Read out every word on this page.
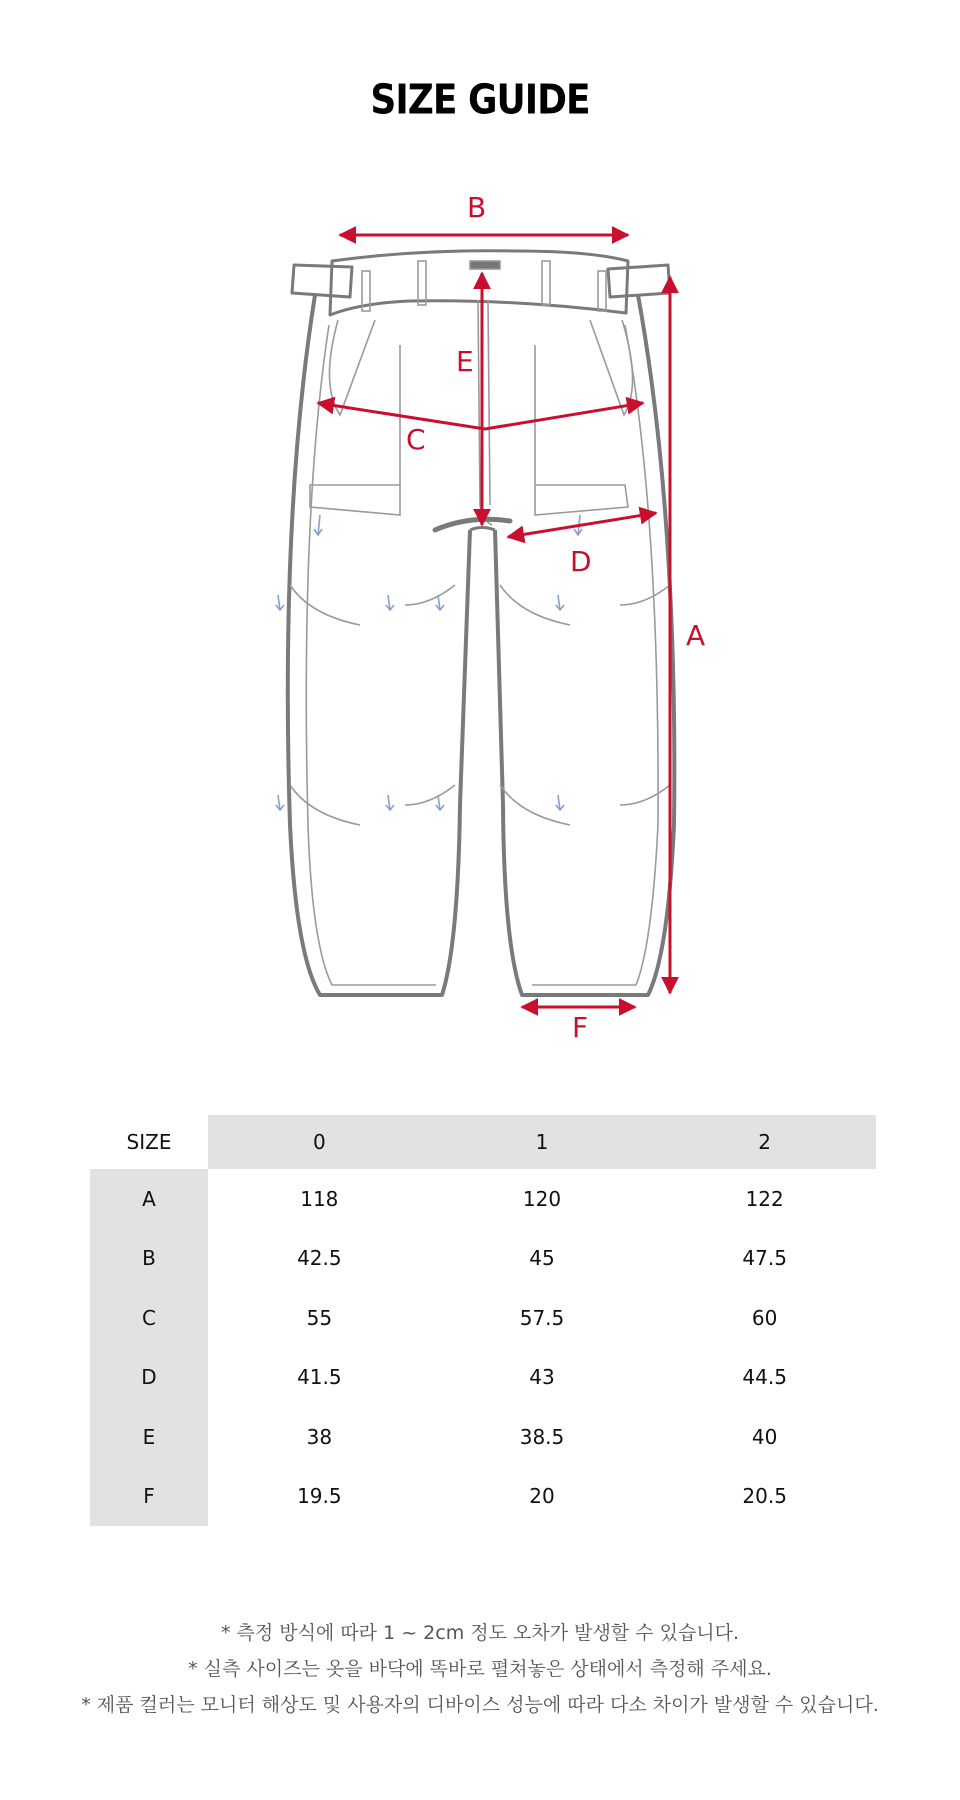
SIZE GUIDE
B
A
E
C
D
F
SIZE	0	1	2
A	118	120	122
B	42.5	45	47.5
C	55	57.5	60
D	41.5	43	44.5
E	38	38.5	40
F	19.5	20	20.5
* 측정 방식에 따라 1 ~ 2cm 정도 오차가 발생할 수 있습니다.
* 실측 사이즈는 옷을 바닥에 똑바로 펼쳐놓은 상태에서 측정해 주세요.
* 제품 컬러는 모니터 해상도 및 사용자의 디바이스 성능에 따라 다소 차이가 발생할 수 있습니다.
